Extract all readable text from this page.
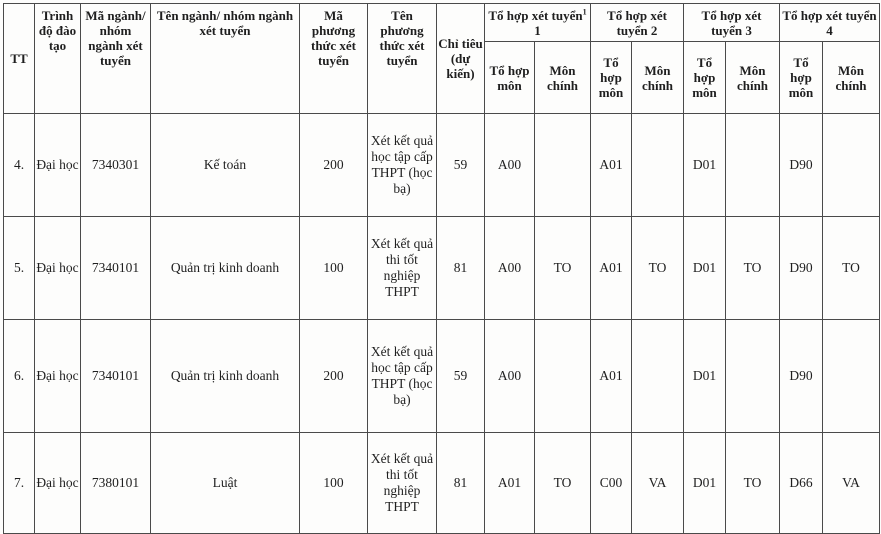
TT	Trình độ đào tạo	Mã ngành/ nhóm ngành xét tuyển	Tên ngành/ nhóm ngành xét tuyển	Mã phương thức xét tuyển	Tên phương thức xét tuyển	Chỉ tiêu (dự kiến)	Tổ hợp xét tuyển$^1$ 1		Tổ hợp xét tuyển 2		Tổ hợp xét tuyển 3		Tổ hợp xét tuyển 4	
							Tổ hợp môn	Môn chính	Tổ hợp môn	Môn chính	Tổ hợp môn	Môn chính	Tổ hợp môn	Môn chính
4.	Đại học	7340301	Kế toán	200	Xét kết quả học tập cấp THPT (học bạ)	59	A00		A01		D01		D90	
5.	Đại học	7340101	Quản trị kinh doanh	100	Xét kết quả thi tốt nghiệp THPT	81	A00	TO	A01	TO	D01	TO	D90	TO
6.	Đại học	7340101	Quản trị kinh doanh	200	Xét kết quả học tập cấp THPT (học bạ)	59	A00		A01		D01		D90	
7.	Đại học	7380101	Luật	100	Xét kết quả thi tốt nghiệp THPT	81	A01	TO	C00	VA	D01	TO	D66	VA
